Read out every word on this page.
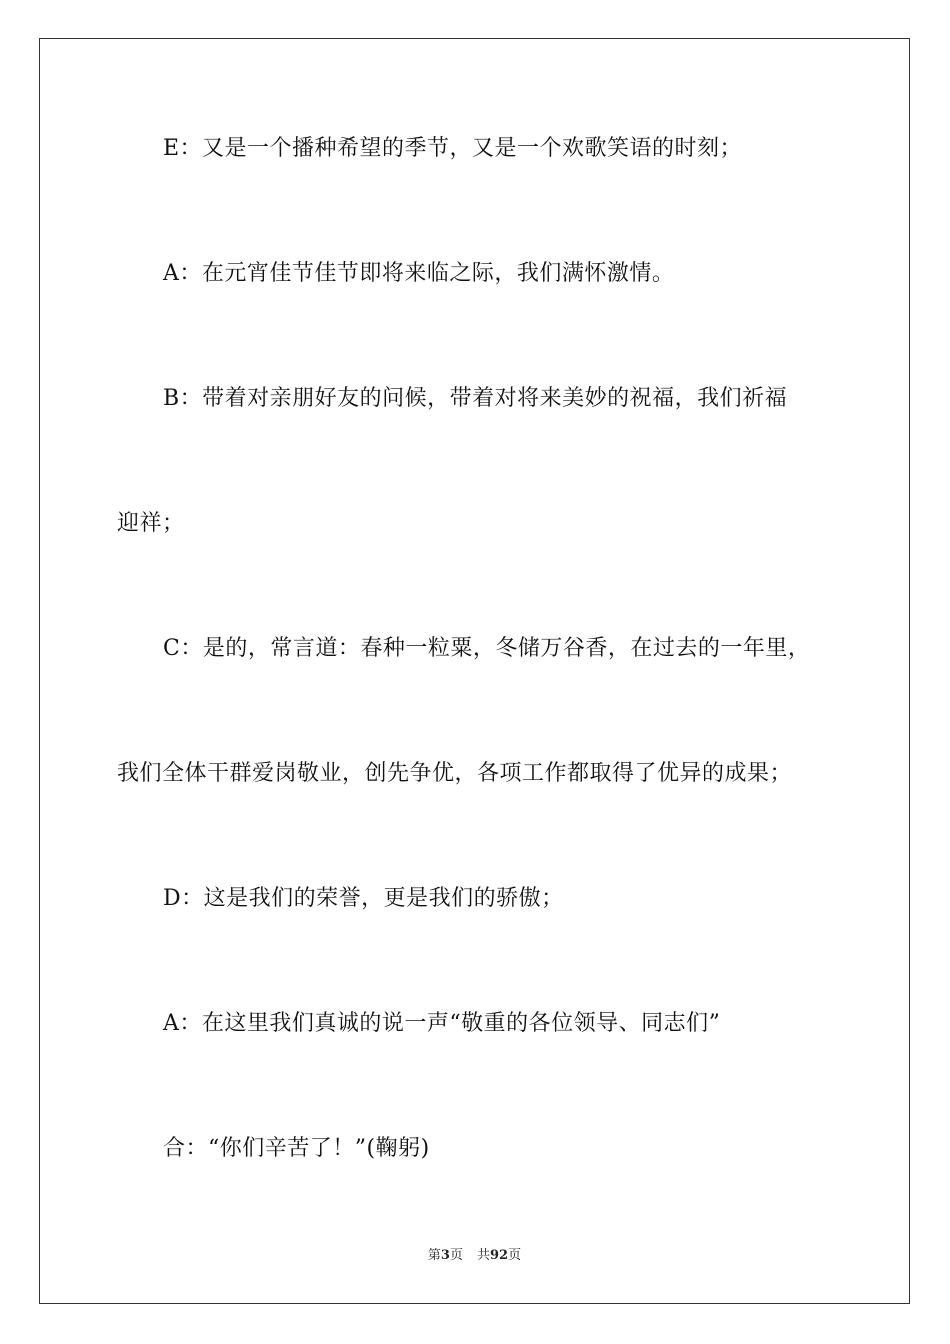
E：又是一个播种希望的季节，又是一个欢歌笑语的时刻；
A：在元宵佳节佳节即将来临之际，我们满怀激情。
B：带着对亲朋好友的问候，带着对将来美妙的祝福，我们祈福
迎祥；
C：是的，常言道：春种一粒粟，冬储万谷香，在过去的一年里，
我们全体干群爱岗敬业，创先争优，各项工作都取得了优异的成果；
D：这是我们的荣誉，更是我们的骄傲；
A：在这里我们真诚的说一声“敬重的各位领导、同志们”
合：“你们辛苦了！”(鞠躬)
第3页 共92页
